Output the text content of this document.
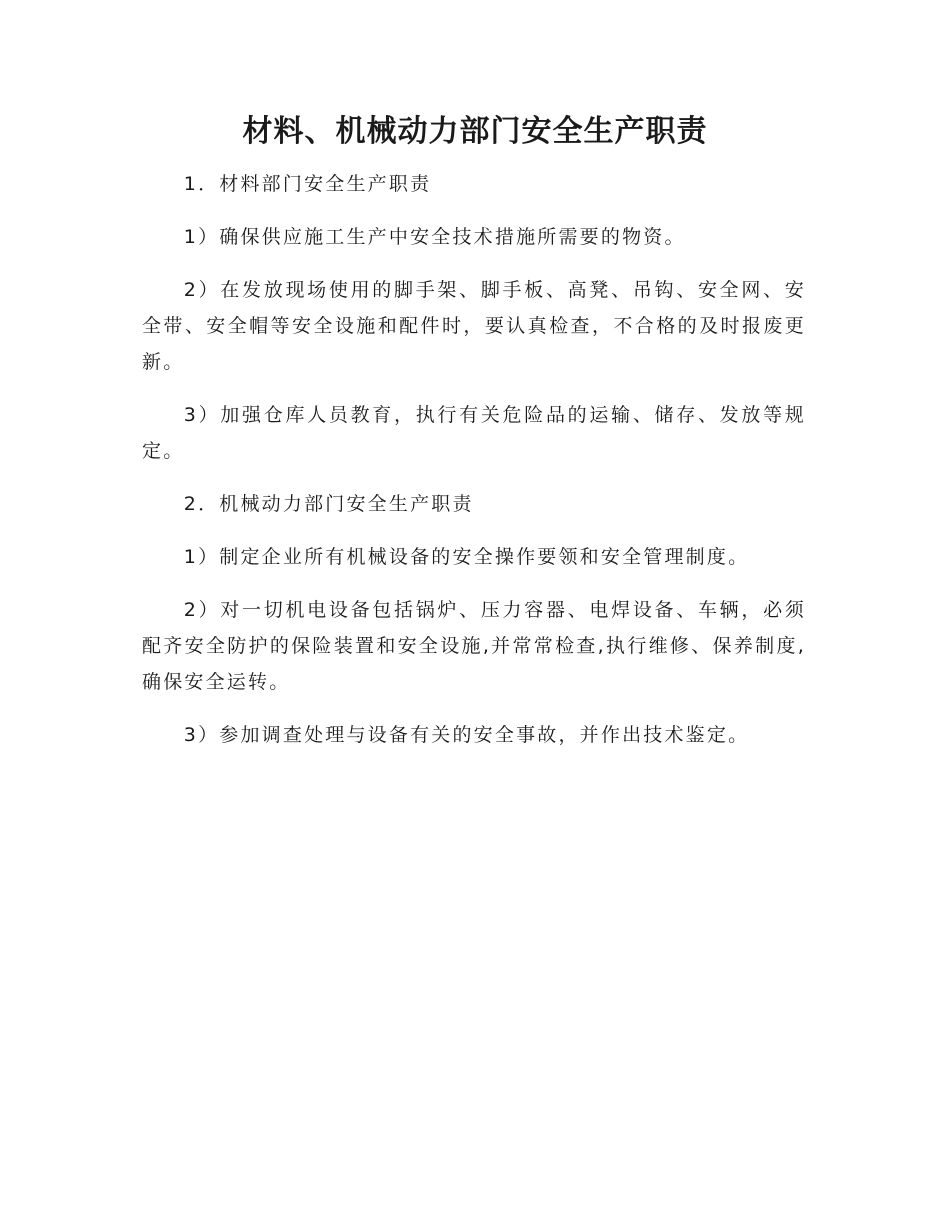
材料、机械动力部门安全生产职责

1．材料部门安全生产职责

1）确保供应施工生产中安全技术措施所需要的物资。

2）在发放现场使用的脚手架、脚手板、高凳、吊钩、安全网、安全带、安全帽等安全设施和配件时，要认真检查，不合格的及时报废更新。

3）加强仓库人员教育，执行有关危险品的运输、储存、发放等规定。

2．机械动力部门安全生产职责

1）制定企业所有机械设备的安全操作要领和安全管理制度。

2）对一切机电设备包括锅炉、压力容器、电焊设备、车辆，必须配齐安全防护的保险装置和安全设施,并常常检查,执行维修、保养制度,确保安全运转。

3）参加调查处理与设备有关的安全事故，并作出技术鉴定。
